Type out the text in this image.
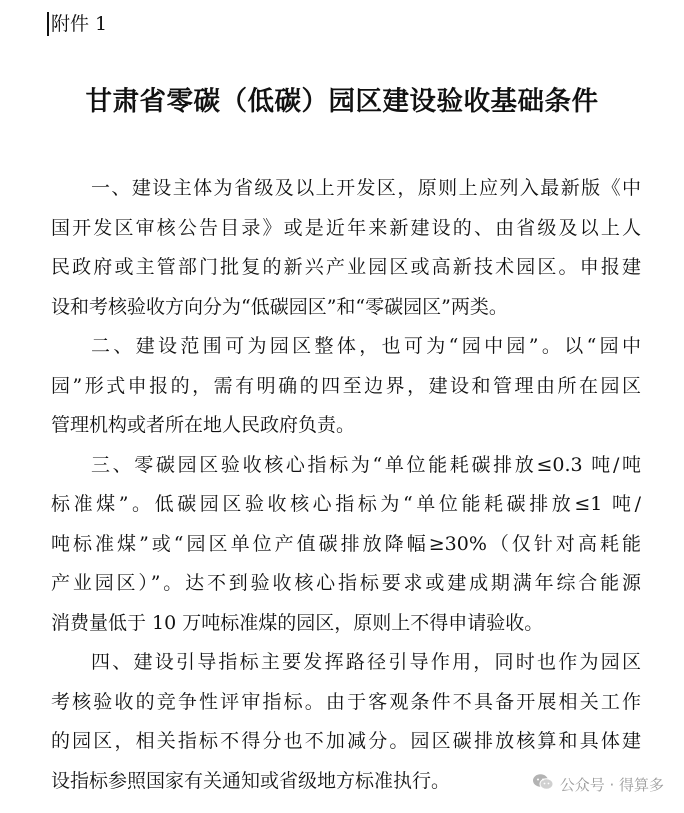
附件 1
甘肃省零碳（低碳）园区建设验收基础条件
一、建设主体为省级及以上开发区，原则上应列入最新版《中
国开发区审核公告目录》或是近年来新建设的、由省级及以上人
民政府或主管部门批复的新兴产业园区或高新技术园区。申报建
设和考核验收方向分为“低碳园区”和“零碳园区”两类。
二、建设范围可为园区整体，也可为“园中园”。以“园中
园”形式申报的，需有明确的四至边界，建设和管理由所在园区
管理机构或者所在地人民政府负责。
三、零碳园区验收核心指标为“单位能耗碳排放≤0.3 吨/吨
标准煤”。低碳园区验收核心指标为“单位能耗碳排放≤1 吨/
吨标准煤”或“园区单位产值碳排放降幅≥30%（仅针对高耗能
产业园区）”。达不到验收核心指标要求或建成期满年综合能源
消费量低于 10 万吨标准煤的园区，原则上不得申请验收。
四、建设引导指标主要发挥路径引导作用，同时也作为园区
考核验收的竞争性评审指标。由于客观条件不具备开展相关工作
的园区，相关指标不得分也不加减分。园区碳排放核算和具体建
设指标参照国家有关通知或省级地方标准执行。	公众号 · 得算多
